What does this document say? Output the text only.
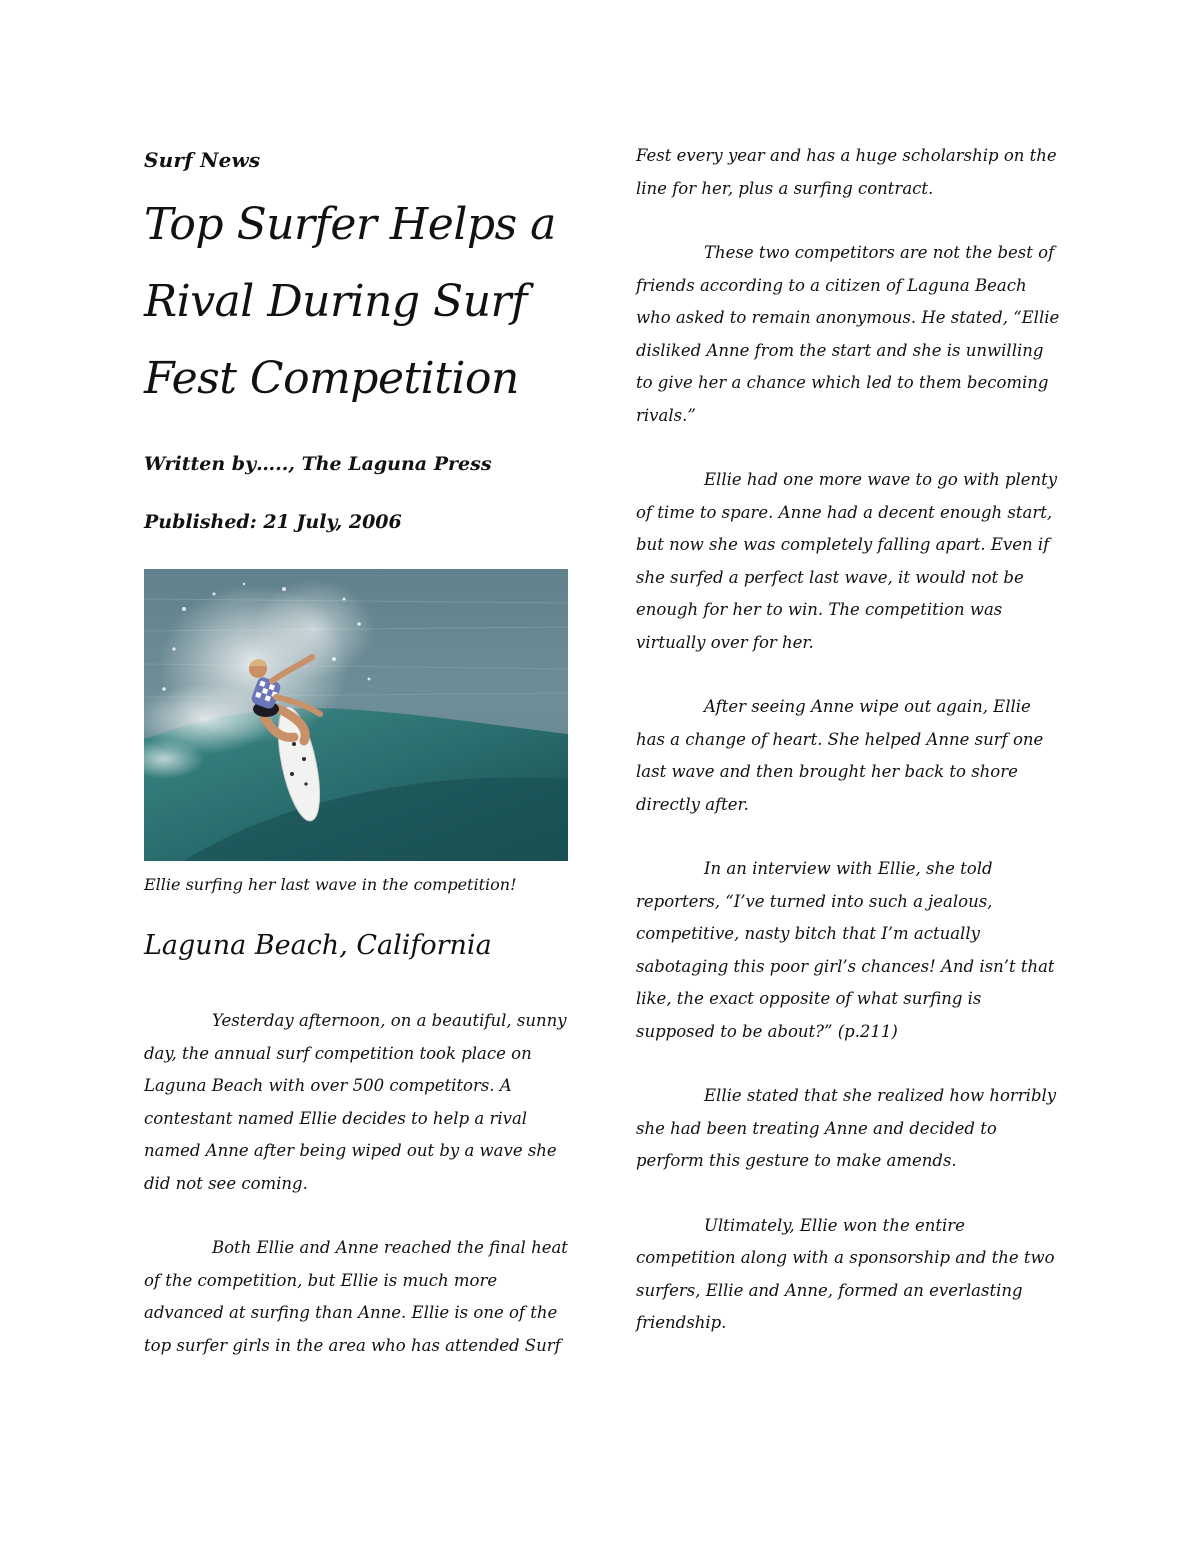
Surf News
Top Surfer Helps a Rival During Surf Fest Competition
Written by….., The Laguna Press
Published: 21 July, 2006
Ellie surfing her last wave in the competition!
Laguna Beach, California

Yesterday afternoon, on a beautiful, sunny day, the annual surf competition took place on Laguna Beach with over 500 competitors. A contestant named Ellie decides to help a rival named Anne after being wiped out by a wave she did not see coming.

Both Ellie and Anne reached the final heat of the competition, but Ellie is much more advanced at surfing than Anne. Ellie is one of the top surfer girls in the area who has attended Surf

Fest every year and has a huge scholarship on the line for her, plus a surfing contract.

These two competitors are not the best of friends according to a citizen of Laguna Beach who asked to remain anonymous. He stated, “Ellie disliked Anne from the start and she is unwilling to give her a chance which led to them becoming rivals.”

Ellie had one more wave to go with plenty of time to spare. Anne had a decent enough start, but now she was completely falling apart. Even if she surfed a perfect last wave, it would not be enough for her to win. The competition was virtually over for her.

After seeing Anne wipe out again, Ellie has a change of heart. She helped Anne surf one last wave and then brought her back to shore directly after.

In an interview with Ellie, she told reporters, “I’ve turned into such a jealous, competitive, nasty bitch that I’m actually sabotaging this poor girl’s chances! And isn’t that like, the exact opposite of what surfing is supposed to be about?” (p.211)

Ellie stated that she realized how horribly she had been treating Anne and decided to perform this gesture to make amends.

Ultimately, Ellie won the entire competition along with a sponsorship and the two surfers, Ellie and Anne, formed an everlasting friendship.
